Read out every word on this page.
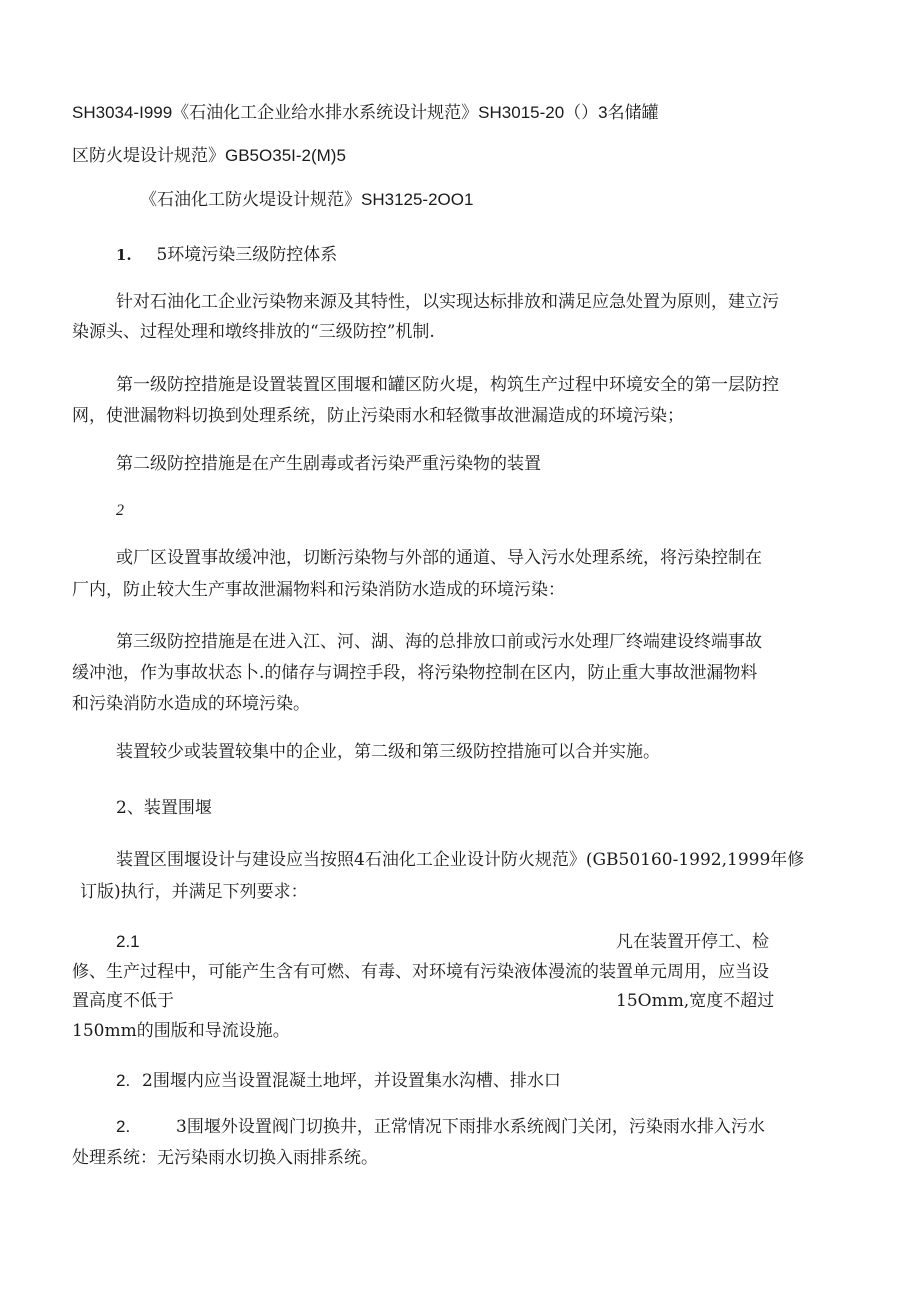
SH3034-I999《石油化工企业给水排水系统设计规范》SH3015-20（）3名储罐
区防火堤设计规范》GB5O35I-2(M)5
《石油化工防火堤设计规范》SH3125-2OO1
1. 5环境污染三级防控体系
针对石油化工企业污染物来源及其特性，以实现达标排放和满足应急处置为原则，建立污
染源头、过程处理和墩终排放的“三级防控”机制.
第一级防控措施是设置装置区围堰和罐区防火堤，构筑生产过程中环境安全的第一层防控
网，使泄漏物料切换到处理系统，防止污染雨水和轻微事故泄漏造成的环境污染；
第二级防控措施是在产生剧毒或者污染严重污染物的装置
2
或厂区设置事故缓冲池，切断污染物与外部的通道、导入污水处理系统，将污染控制在
厂内，防止较大生产事故泄漏物料和污染消防水造成的环境污染：
第三级防控措施是在进入江、河、湖、海的总排放口前或污水处理厂终端建设终端事故
缓冲池，作为事故状态卜.的储存与调控手段，将污染物控制在区内，防止重大事故泄漏物料
和污染消防水造成的环境污染。
装置较少或装置较集中的企业，第二级和第三级防控措施可以合并实施。
2、装置围堰
装置区围堰设计与建设应当按照4石油化工企业设计防火规范》(GB50160-1992,1999年修
订版)执行，并满足下列要求：
2.1	凡在装置开停工、检
修、生产过程中，可能产生含有可燃、有毒、对环境有污染液体漫流的装置单元周用，应当设
置高度不低于	15Omm,宽度不超过
150mm的围版和导流设施。
2. 2围堰内应当设置混凝土地坪，并设置集水沟槽、排水口
2.	3围堰外设置阀门切换井，正常情况下雨排水系统阀门关闭，污染雨水排入污水
处理系统：无污染雨水切换入雨排系统。
